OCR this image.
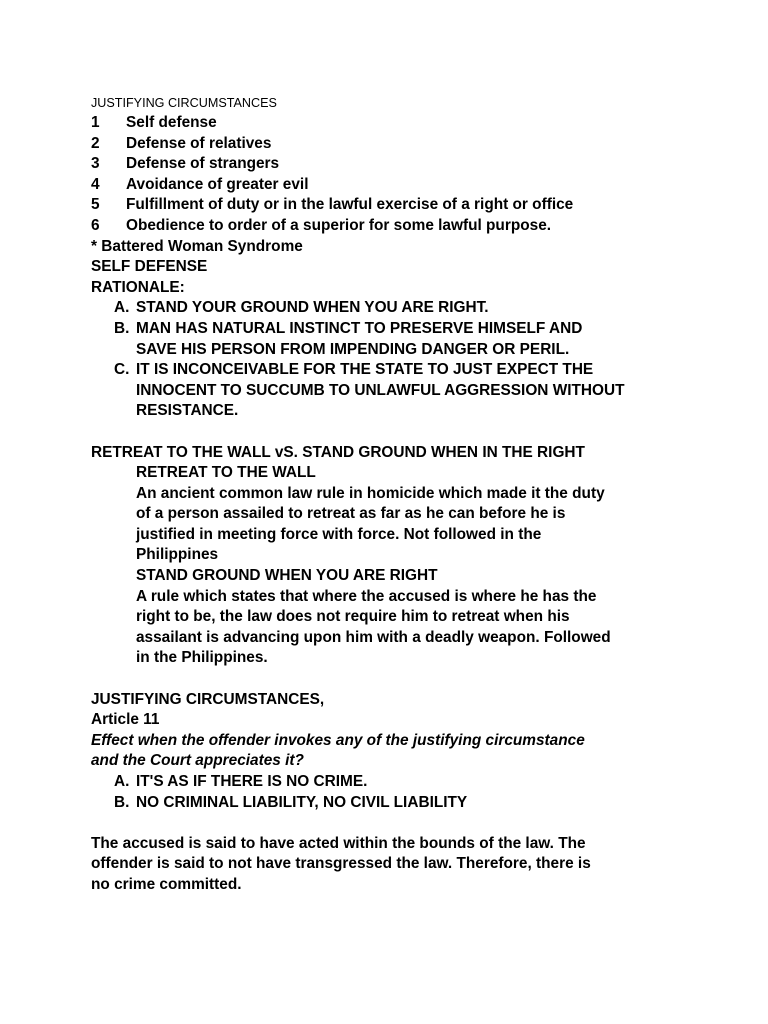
JUSTIFYING CIRCUMSTANCES
1 Self defense
2 Defense of relatives
3 Defense of strangers
4 Avoidance of greater evil
5 Fulfillment of duty or in the lawful exercise of a right or office
6 Obedience to order of a superior for some lawful purpose.
* Battered Woman Syndrome
SELF DEFENSE
RATIONALE:
A. STAND YOUR GROUND WHEN YOU ARE RIGHT.
B. MAN HAS NATURAL INSTINCT TO PRESERVE HIMSELF AND
SAVE HIS PERSON FROM IMPENDING DANGER OR PERIL.
C. IT IS INCONCEIVABLE FOR THE STATE TO JUST EXPECT THE
INNOCENT TO SUCCUMB TO UNLAWFUL AGGRESSION WITHOUT
RESISTANCE.
RETREAT TO THE WALL vS. STAND GROUND WHEN IN THE RIGHT
RETREAT TO THE WALL
An ancient common law rule in homicide which made it the duty
of a person assailed to retreat as far as he can before he is
justified in meeting force with force. Not followed in the
Philippines
STAND GROUND WHEN YOU ARE RIGHT
A rule which states that where the accused is where he has the
right to be, the law does not require him to retreat when his
assailant is advancing upon him with a deadly weapon. Followed
in the Philippines.
JUSTIFYING CIRCUMSTANCES,
Article 11
Effect when the offender invokes any of the justifying circumstance
and the Court appreciates it?
A. IT'S AS IF THERE IS NO CRIME.
B. NO CRIMINAL LIABILITY, NO CIVIL LIABILITY
The accused is said to have acted within the bounds of the law. The
offender is said to not have transgressed the law. Therefore, there is
no crime committed.
